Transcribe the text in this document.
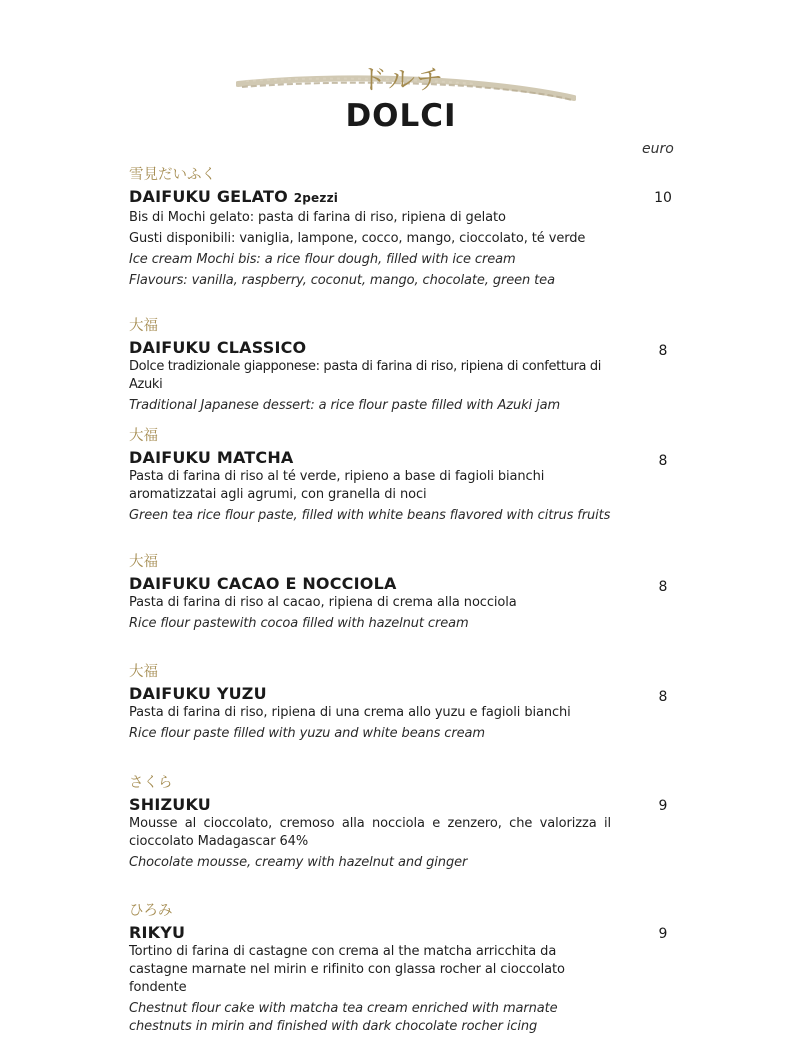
ドルチ
DOLCI
euro
雪見だいふく
DAIFUKU GELATO 2pezzi	10

Bis di Mochi gelato: pasta di farina di riso, ripiena di gelato

Gusti disponibili: vaniglia, lampone, cocco, mango, cioccolato, té verde

Ice cream Mochi bis: a rice flour dough, filled with ice cream

Flavours: vanilla, raspberry, coconut, mango, chocolate, green tea

大福
DAIFUKU CLASSICO	8

Dolce tradizionale giapponese: pasta di farina di riso, ripiena di confettura di Azuki

Traditional Japanese dessert: a rice flour paste filled with Azuki jam

大福
DAIFUKU MATCHA	8

Pasta di farina di riso al té verde, ripieno a base di fagioli bianchi aromatizzatai agli agrumi, con granella di noci

Green tea rice flour paste, filled with white beans flavored with citrus fruits

大福
DAIFUKU CACAO E NOCCIOLA	8

Pasta di farina di riso al cacao, ripiena di crema alla nocciola

Rice flour pastewith cocoa filled with hazelnut cream

大福
DAIFUKU YUZU	8

Pasta di farina di riso, ripiena di una crema allo yuzu e fagioli bianchi

Rice flour paste filled with yuzu and white beans cream

さくら
SHIZUKU	9

Mousse al cioccolato, cremoso alla nocciola e zenzero, che valorizza il cioccolato Madagascar 64%

Chocolate mousse, creamy with hazelnut and ginger

ひろみ
RIKYU	9

Tortino di farina di castagne con crema al the matcha arricchita da castagne marnate nel mirin e rifinito con glassa rocher al cioccolato fondente

Chestnut flour cake with matcha tea cream enriched with marnate chestnuts in mirin and finished with dark chocolate rocher icing
